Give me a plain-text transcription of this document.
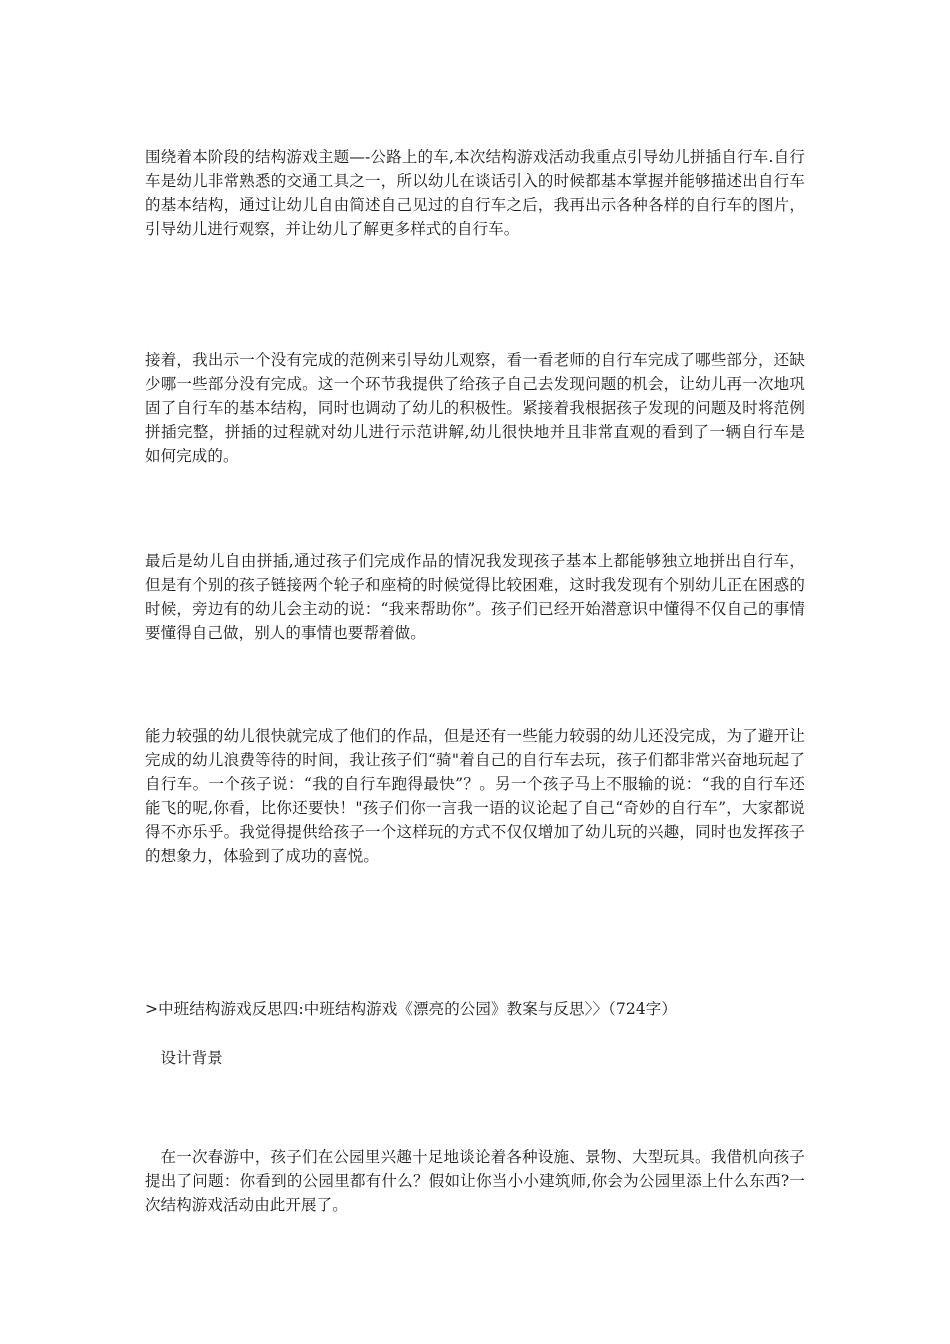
围绕着本阶段的结构游戏主题—-公路上的车,本次结构游戏活动我重点引导幼儿拼插自行车.自行车是幼儿非常熟悉的交通工具之一，所以幼儿在谈话引入的时候都基本掌握并能够描述出自行车的基本结构，通过让幼儿自由简述自己见过的自行车之后，我再出示各种各样的自行车的图片，引导幼儿进行观察，并让幼儿了解更多样式的自行车。

接着，我出示一个没有完成的范例来引导幼儿观察，看一看老师的自行车完成了哪些部分，还缺少哪一些部分没有完成。这一个环节我提供了给孩子自己去发现问题的机会，让幼儿再一次地巩固了自行车的基本结构，同时也调动了幼儿的积极性。紧接着我根据孩子发现的问题及时将范例拼插完整，拼插的过程就对幼儿进行示范讲解,幼儿很快地并且非常直观的看到了一辆自行车是如何完成的。

最后是幼儿自由拼插,通过孩子们完成作品的情况我发现孩子基本上都能够独立地拼出自行车，但是有个别的孩子链接两个轮子和座椅的时候觉得比较困难，这时我发现有个别幼儿正在困惑的时候，旁边有的幼儿会主动的说：“我来帮助你”。孩子们已经开始潜意识中懂得不仅自己的事情要懂得自己做，别人的事情也要帮着做。

能力较强的幼儿很快就完成了他们的作品，但是还有一些能力较弱的幼儿还没完成，为了避开让完成的幼儿浪费等待的时间，我让孩子们“骑"着自己的自行车去玩，孩子们都非常兴奋地玩起了自行车。一个孩子说：“我的自行车跑得最快”？。另一个孩子马上不服输的说：“我的自行车还能飞的呢,你看，比你还要快！"孩子们你一言我一语的议论起了自己“奇妙的自行车”，大家都说得不亦乐乎。我觉得提供给孩子一个这样玩的方式不仅仅增加了幼儿玩的兴趣，同时也发挥孩子的想象力，体验到了成功的喜悦。

>中班结构游戏反思四:中班结构游戏《漂亮的公园》教案与反思〉〉（724字）

设计背景

在一次春游中，孩子们在公园里兴趣十足地谈论着各种设施、景物、大型玩具。我借机向孩子提出了问题：你看到的公园里都有什么？假如让你当小小建筑师,你会为公园里添上什么东西?一次结构游戏活动由此开展了。
